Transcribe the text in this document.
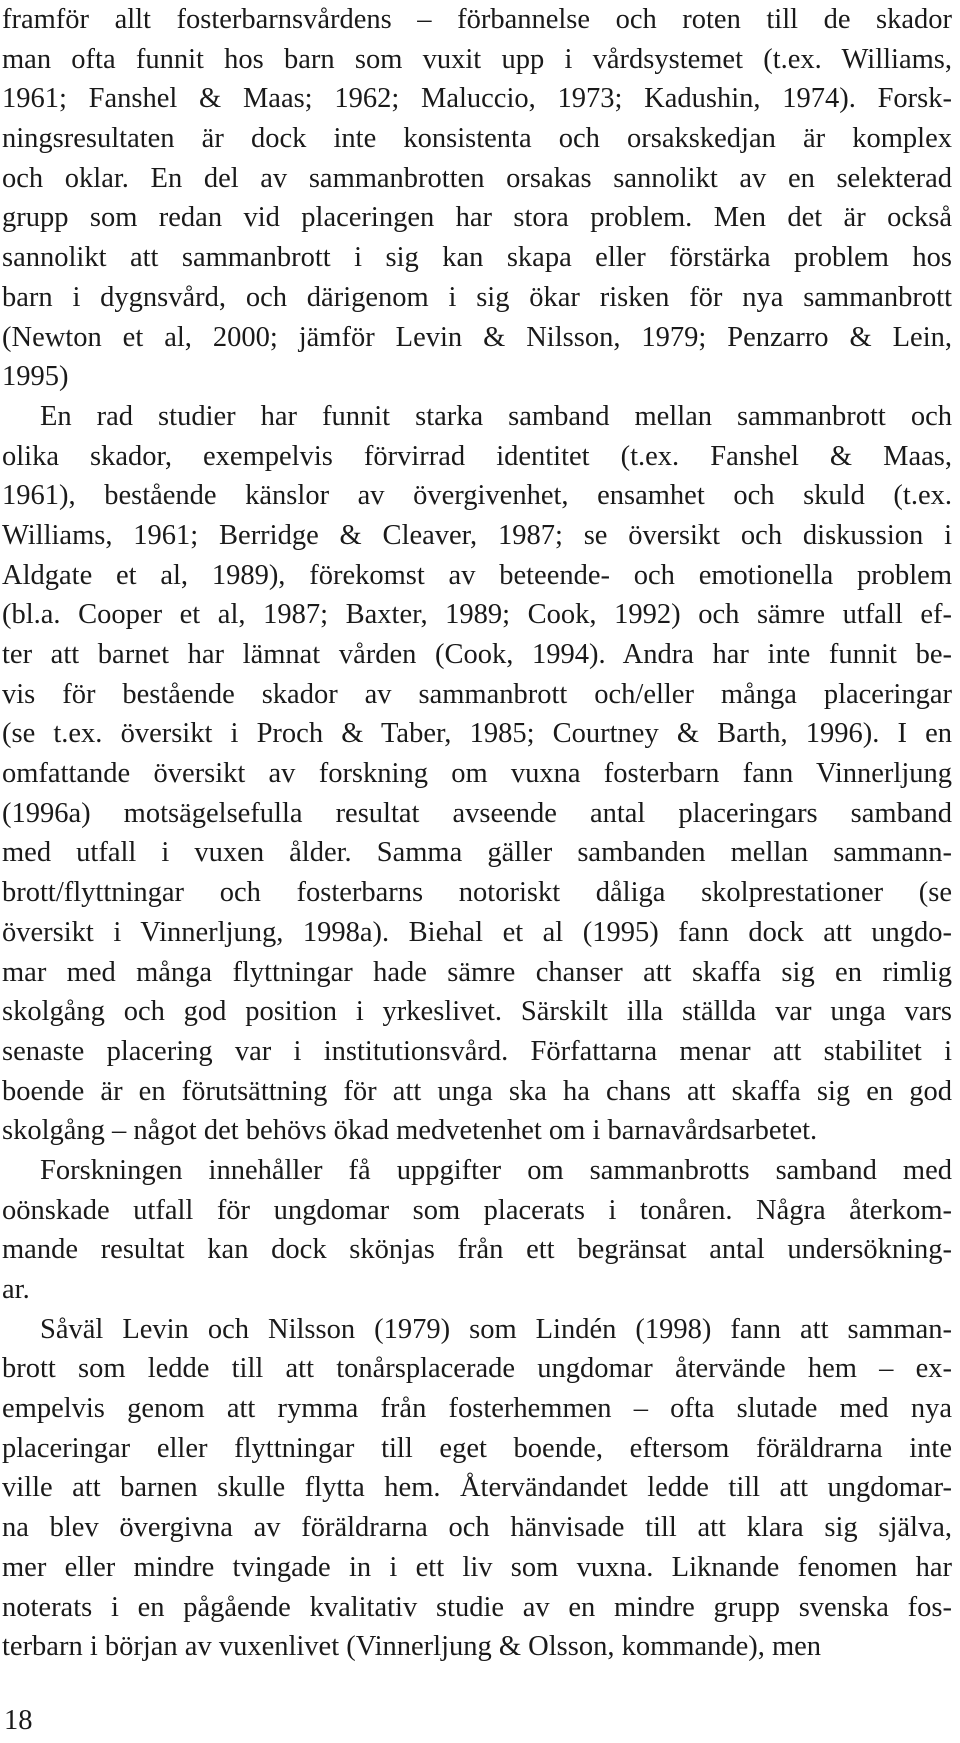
framför allt fosterbarnsvårdens – förbannelse och roten till de skador
man ofta funnit hos barn som vuxit upp i vårdsystemet (t.ex. Williams,
1961; Fanshel & Maas; 1962; Maluccio, 1973; Kadushin, 1974). Forsk-
ningsresultaten är dock inte konsistenta och orsakskedjan är komplex
och oklar. En del av sammanbrotten orsakas sannolikt av en selekterad
grupp som redan vid placeringen har stora problem. Men det är också
sannolikt att sammanbrott i sig kan skapa eller förstärka problem hos
barn i dygnsvård, och därigenom i sig ökar risken för nya sammanbrott
(Newton et al, 2000; jämför Levin & Nilsson, 1979; Penzarro & Lein,
1995)
En rad studier har funnit starka samband mellan sammanbrott och
olika skador, exempelvis förvirrad identitet (t.ex. Fanshel & Maas,
1961), bestående känslor av övergivenhet, ensamhet och skuld (t.ex.
Williams, 1961; Berridge & Cleaver, 1987; se översikt och diskussion i
Aldgate et al, 1989), förekomst av beteende- och emotionella problem
(bl.a. Cooper et al, 1987; Baxter, 1989; Cook, 1992) och sämre utfall ef-
ter att barnet har lämnat vården (Cook, 1994). Andra har inte funnit be-
vis för bestående skador av sammanbrott och/eller många placeringar
(se t.ex. översikt i Proch & Taber, 1985; Courtney & Barth, 1996). I en
omfattande översikt av forskning om vuxna fosterbarn fann Vinnerljung
(1996a) motsägelsefulla resultat avseende antal placeringars samband
med utfall i vuxen ålder. Samma gäller sambanden mellan sammann-
brott/flyttningar och fosterbarns notoriskt dåliga skolprestationer (se
översikt i Vinnerljung, 1998a). Biehal et al (1995) fann dock att ungdo-
mar med många flyttningar hade sämre chanser att skaffa sig en rimlig
skolgång och god position i yrkeslivet. Särskilt illa ställda var unga vars
senaste placering var i institutionsvård. Författarna menar att stabilitet i
boende är en förutsättning för att unga ska ha chans att skaffa sig en god
skolgång – något det behövs ökad medvetenhet om i barnavårdsarbetet.
Forskningen innehåller få uppgifter om sammanbrotts samband med
oönskade utfall för ungdomar som placerats i tonåren. Några återkom-
mande resultat kan dock skönjas från ett begränsat antal undersökning-
ar.
Såväl Levin och Nilsson (1979) som Lindén (1998) fann att samman-
brott som ledde till att tonårsplacerade ungdomar återvände hem – ex-
empelvis genom att rymma från fosterhemmen – ofta slutade med nya
placeringar eller flyttningar till eget boende, eftersom föräldrarna inte
ville att barnen skulle flytta hem. Återvändandet ledde till att ungdomar-
na blev övergivna av föräldrarna och hänvisade till att klara sig själva,
mer eller mindre tvingade in i ett liv som vuxna. Liknande fenomen har
noterats i en pågående kvalitativ studie av en mindre grupp svenska fos-
terbarn i början av vuxenlivet (Vinnerljung & Olsson, kommande), men
18
